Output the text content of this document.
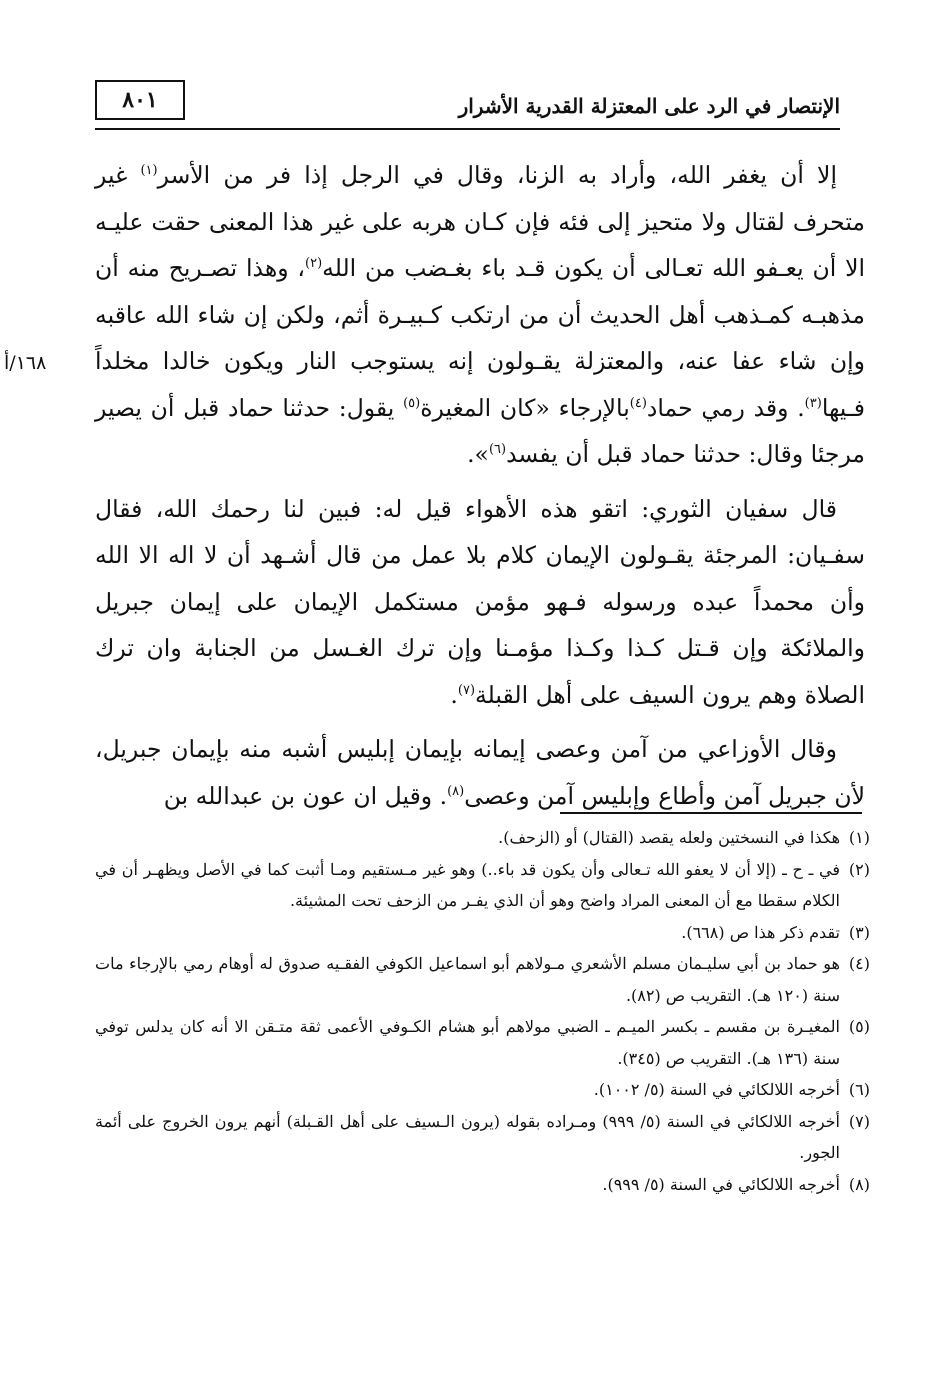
٨٠١	الإنتصار في الرد على المعتزلة القدرية الأشرار
١٦٨/أ

إلا أن يغفر الله، وأراد به الزنا، وقال في الرجل إذا فر من الأسر$^{(١)}$ غير متحرف لقتال ولا متحيز إلى فئه فإن كـان هربه على غير هذا المعنى حقت عليـه الا أن يعـفو الله تعـالى أن يكون قـد باء بغـضب من الله$^{(٢)}$، وهذا تصـريح منه أن مذهبـه كمـذهب أهل الحديث أن من ارتكب كـبيـرة أثم، ولكن إن شاء الله عاقبه وإن شاء عفا عنه، والمعتزلة يقـولون إنه يستوجب النار ويكون خالدا مخلداً فـيها$^{(٣)}$. وقد رمي حماد$^{(٤)}$بالإرجاء «كان المغيرة$^{(٥)}$ يقول: حدثنا حماد قبل أن يصير مرجئا وقال: حدثنا حماد قبل أن يفسد$^{(٦)}$».

قال سفيان الثوري: اتقو هذه الأهواء قيل له: فبين لنا رحمك الله، فقال سفـيان: المرجئة يقـولون الإيمان كلام بلا عمل من قال أشـهد أن لا اله الا الله وأن محمداً عبده ورسوله فـهو مؤمن مستكمل الإيمان على إيمان جبريل والملائكة وإن قـتل كـذا وكـذا مؤمـنا وإن ترك الغـسل من الجنابة وان ترك الصلاة وهم يرون السيف على أهل القبلة$^{(٧)}$.

وقال الأوزاعي من آمن وعصى إيمانه بإيمان إبليس أشبه منه بإيمان جبريل، لأن جبريل آمن وأطاع وإبليس آمن وعصى$^{(٨)}$. وقيل ان عون بن عبدالله بن

(١)هكذا في النسختين ولعله يقصد (القتال) أو (الزحف).
(٢)في ـ ح ـ (إلا أن لا يعفو الله تـعالى وأن يكون قد باء..) وهو غير مـستقيم ومـا أثبت كما في الأصل ويظهـر أن في الكلام سقطا مع أن المعنى المراد واضح وهو أن الذي يفـر من الزحف تحت المشيئة.
(٣)تقدم ذكر هذا ص (٦٦٨).
(٤)هو حماد بن أبي سليـمان مسلم الأشعري مـولاهم أبو اسماعيل الكوفي الفقـيه صدوق له أوهام رمي بالإرجاء مات سنة (١٢٠ هـ). التقريب ص (٨٢).
(٥)المغيـرة بن مقسم ـ بكسر الميـم ـ الضبي مولاهم أبو هشام الكـوفي الأعمى ثقة متـقن الا أنه كان يدلس توفي سنة (١٣٦ هـ). التقريب ص (٣٤٥).
(٦)أخرجه اللالكائي في السنة (٥/ ١٠٠٢).
(٧)أخرجه اللالكائي في السنة (٥/ ٩٩٩) ومـراده بقوله (يرون الـسيف على أهل القـبلة) أنهم يرون الخروج على أئمة الجور.
(٨)أخرجه اللالكائي في السنة (٥/ ٩٩٩).
